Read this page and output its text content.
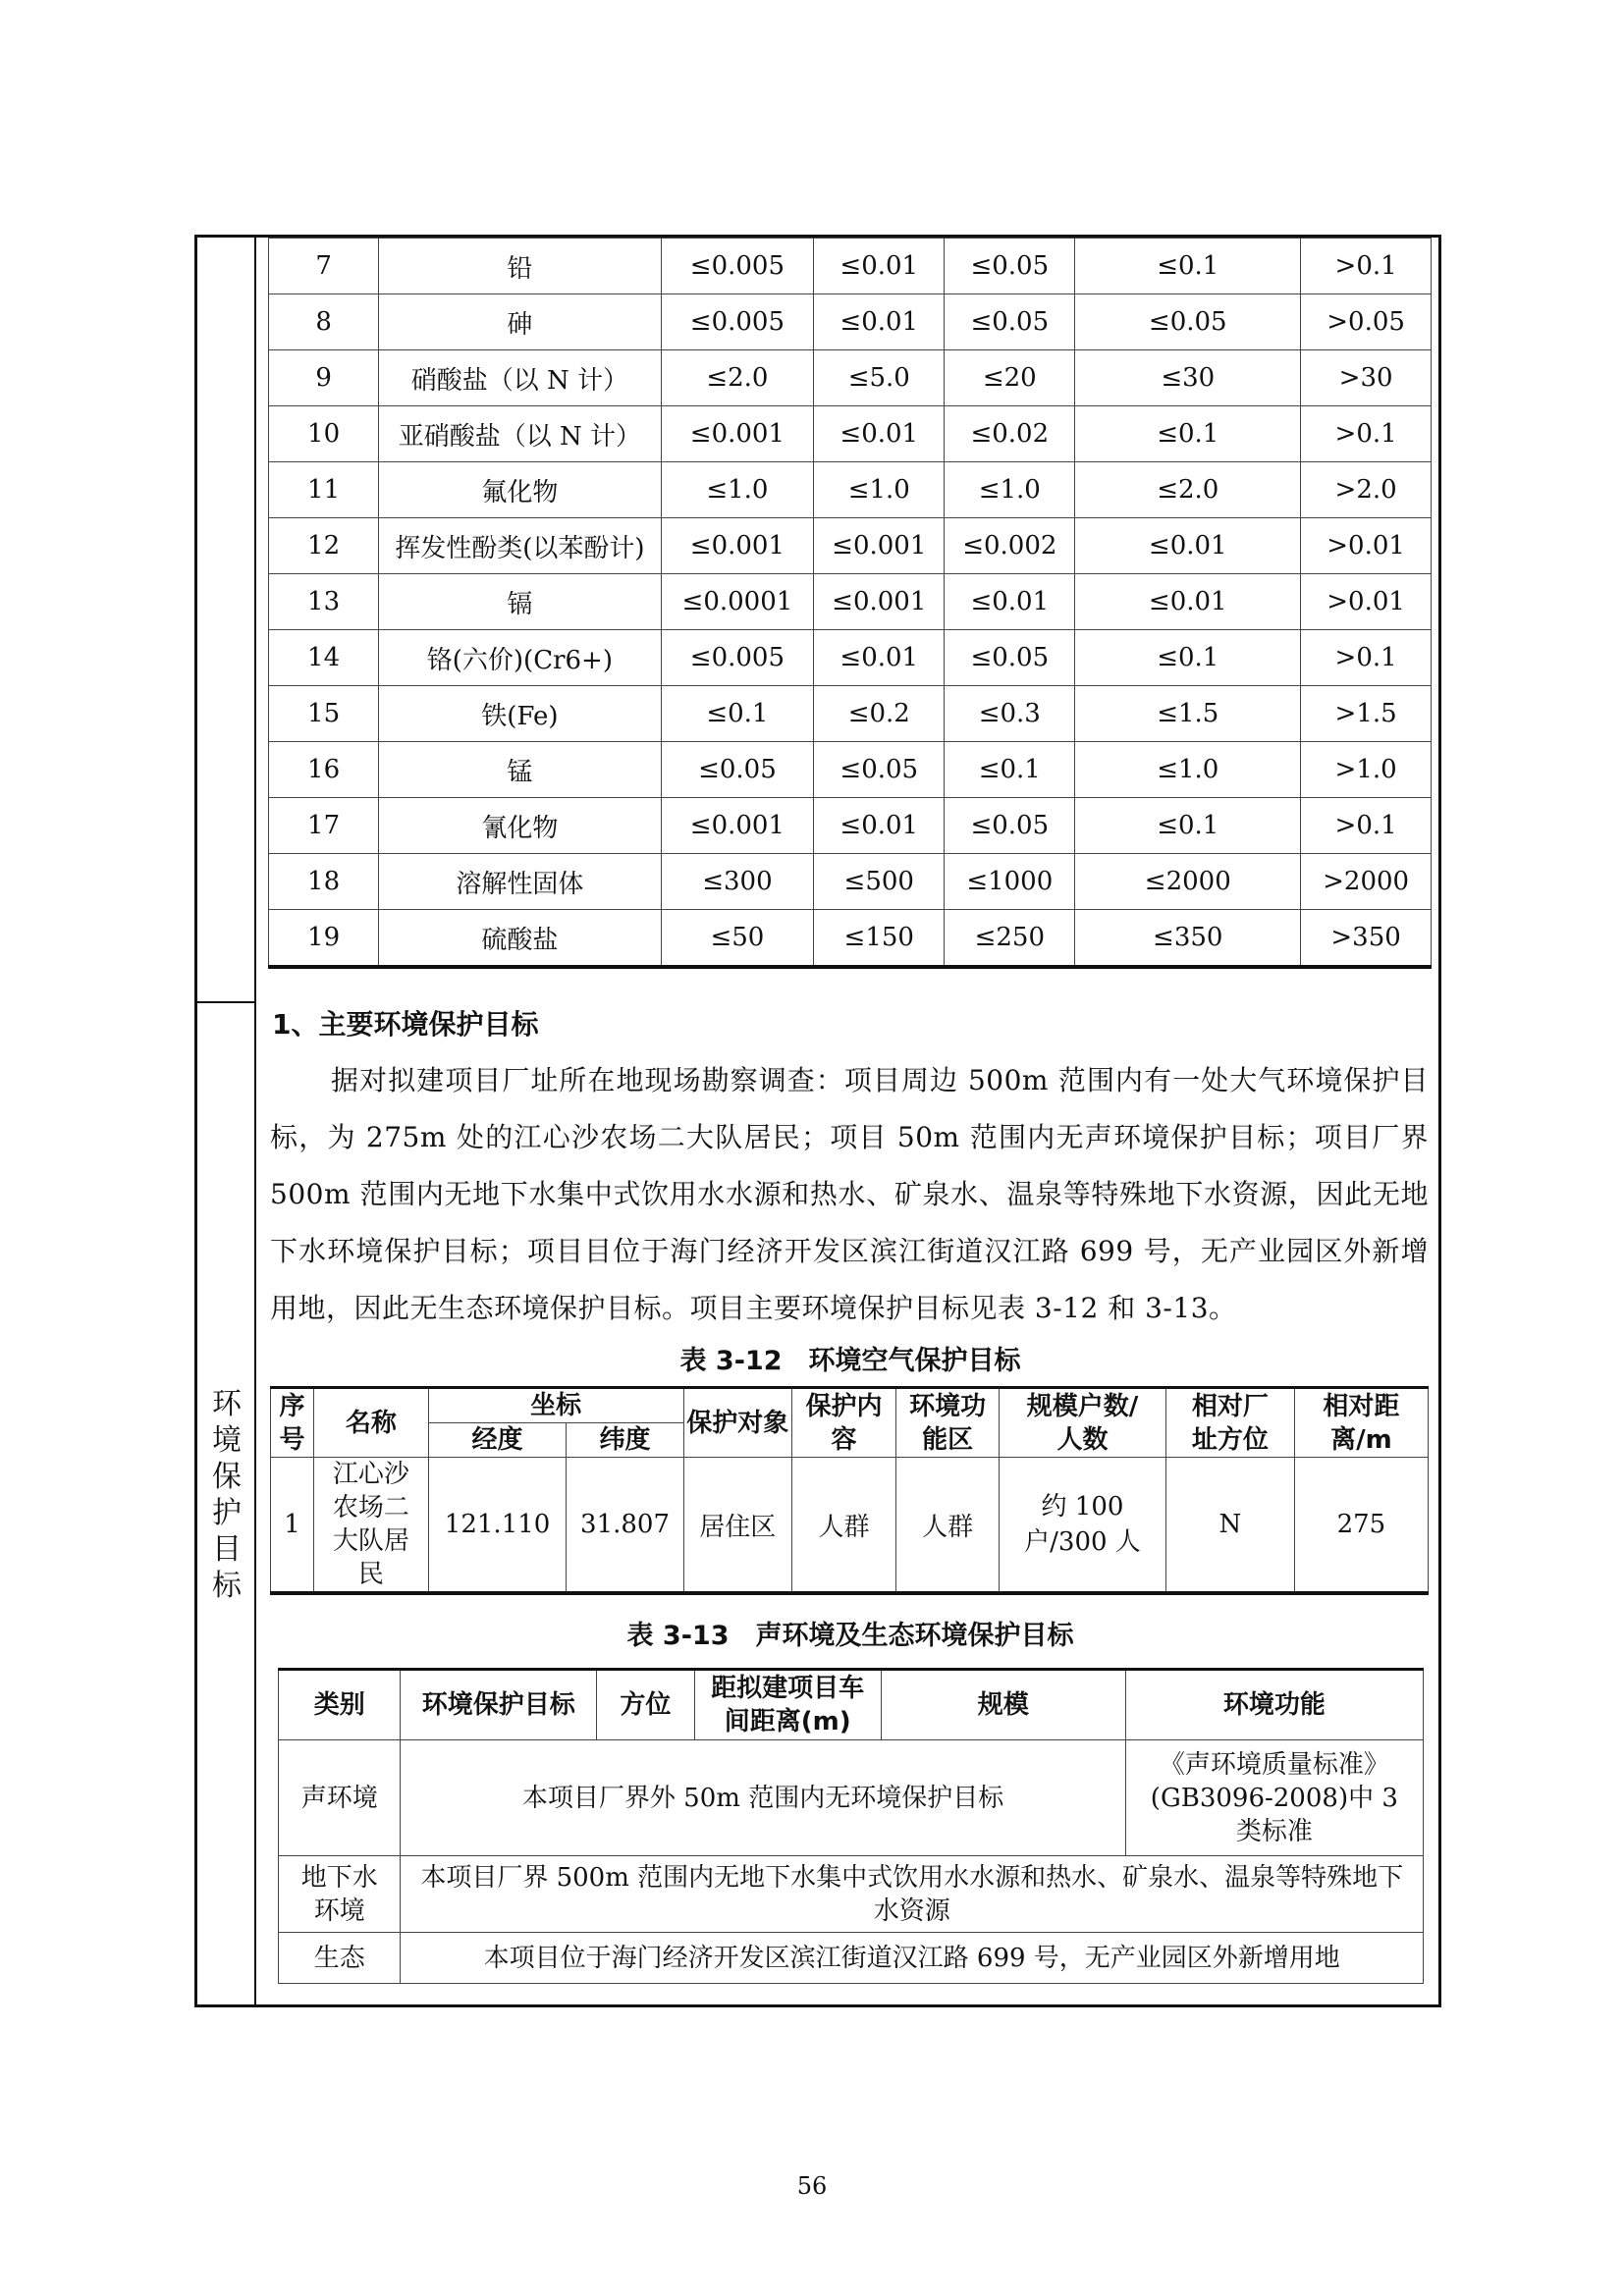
环境保护目标
7	铅	≤0.005	≤0.01	≤0.05	≤0.1	>0.1
8	砷	≤0.005	≤0.01	≤0.05	≤0.05	>0.05
9	硝酸盐（以 N 计）	≤2.0	≤5.0	≤20	≤30	>30
10	亚硝酸盐（以 N 计）	≤0.001	≤0.01	≤0.02	≤0.1	>0.1
11	氟化物	≤1.0	≤1.0	≤1.0	≤2.0	>2.0
12	挥发性酚类(以苯酚计)	≤0.001	≤0.001	≤0.002	≤0.01	>0.01
13	镉	≤0.0001	≤0.001	≤0.01	≤0.01	>0.01
14	铬(六价)(Cr6+)	≤0.005	≤0.01	≤0.05	≤0.1	>0.1
15	铁(Fe)	≤0.1	≤0.2	≤0.3	≤1.5	>1.5
16	锰	≤0.05	≤0.05	≤0.1	≤1.0	>1.0
17	氰化物	≤0.001	≤0.01	≤0.05	≤0.1	>0.1
18	溶解性固体	≤300	≤500	≤1000	≤2000	>2000
19	硫酸盐	≤50	≤150	≤250	≤350	>350
1、主要环境保护目标
据对拟建项目厂址所在地现场勘察调查：项目周边 500m 范围内有一处大气环境保护目标，为 275m 处的江心沙农场二大队居民；项目 50m 范围内无声环境保护目标；项目厂界 500m 范围内无地下水集中式饮用水水源和热水、矿泉水、温泉等特殊地下水资源，因此无地下水环境保护目标；项目目位于海门经济开发区滨江街道汉江路 699 号，无产业园区外新增用地，因此无生态环境保护目标。项目主要环境保护目标见表 3-12 和 3-13。
表 3-12　环境空气保护目标
序号	名称	坐标		保护对象	保护内容	环境功能区	规模户数/人数	相对厂址方位	相对距离/m
		经度	纬度						
1	江心沙农场二大队居民	121.110	31.807	居住区	人群	人群	约 100 户/300 人	N	275
表 3-13　声环境及生态环境保护目标
类别	环境保护目标	方位	距拟建项目车间距离(m)	规模	环境功能
声环境	本项目厂界外 50m 范围内无环境保护目标				《声环境质量标准》(GB3096-2008)中 3 类标准
地下水环境	本项目厂界 500m 范围内无地下水集中式饮用水水源和热水、矿泉水、温泉等特殊地下水资源				
生态	本项目位于海门经济开发区滨江街道汉江路 699 号，无产业园区外新增用地				
56
